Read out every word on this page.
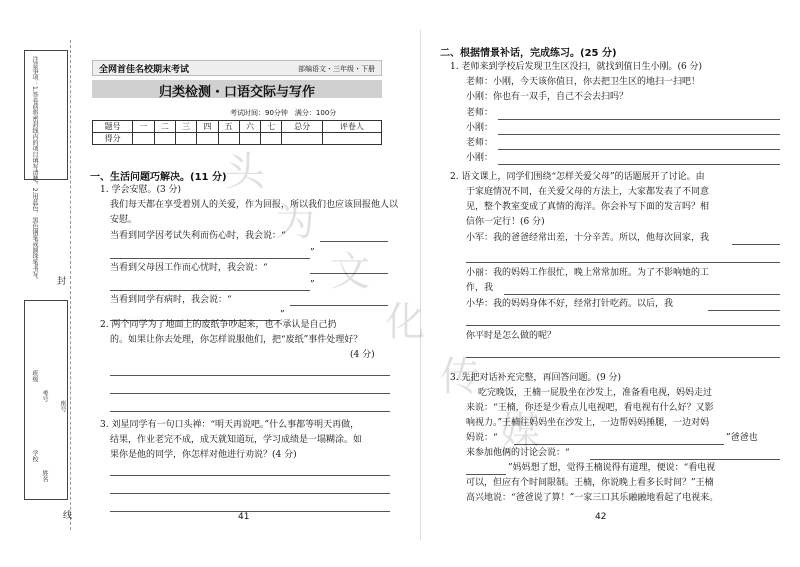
注意事项：1.答卷前将密封线内的项目填写清楚。2.用蓝色、黑色钢笔或圆珠笔书写。 封
学校
姓名
班级
考号
座号
线
全网首佳名校期末考试	部编语文・三年级・下册
归类检测・口语交际与写作
考试时间：90分钟　满分：100分
题号	一	二	三	四	五	六	七	总分	评卷人
得分									
一、生活问题巧解决。(11 分)
1. 学会安慰。(3 分)
我们每天都在享受着别人的关爱，作为回报，所以我们也应该回报他人以
安慰。
当看到同学因考试失利而伤心时，我会说：“
”
当看到父母因工作而心忧时，我会说：“
”
当看到同学有病时，我会说：“
”
2. 两个同学为了地面上的废纸争吵起来，也不承认是自己扔
的。如果让你去处理，你怎样说服他们，把“废纸”事件处理好？
(4 分)
3. 刘星同学有一句口头禅：“明天再说吧。”什么事都等明天再做，
结果，作业老完不成，成天就知道玩，学习成绩是一塌糊涂。如
果你是他的同学，你怎样对他进行劝说？(4 分)
41
二、根据情景补话，完成练习。(25 分)
1. 老师来到学校后发现卫生区没扫，就找到值日生小刚。(6 分)
老师：小刚，今天该你值日，你去把卫生区的地扫一扫吧！
小刚：你也有一双手，自己不会去扫吗？
老师：
小刚：
老师：
小刚：
2. 语文课上，同学们围绕“怎样关爱父母”的话题展开了讨论。由
于家庭情况不同，在关爱父母的方法上，大家都发表了不同意
见，整个教室变成了真情的海洋。你会补写下面的发言吗？相
信你一定行！(6 分)
小军：我的爸爸经常出差，十分辛苦。所以，他每次回家，我
小丽：我的妈妈工作很忙，晚上常常加班。为了不影响她的工
作，我
小华：我的妈妈身体不好，经常打针吃药。以后，我
你平时是怎么做的呢？
3. 先把对话补充完整，再回答问题。(9 分)
吃完晚饭，王楠一屁股坐在沙发上，准备看电视，妈妈走过
来说：“王楠，你还是少看点儿电视吧，看电视有什么好？又影
响视力。”王楠往妈妈坐在沙发上，一边帮妈妈捶腿，一边对妈
妈说：“	”爸爸也
来参加他俩的讨论会说：“
”妈妈想了想，觉得王楠说得有道理，便说：“看电视
可以，但应有个时间限制。王楠，你说晚上看多长时间？”王楠
高兴地说：“爸爸说了算！”一家三口其乐融融地看起了电视来。
42
头
为
文
化
传
媒
